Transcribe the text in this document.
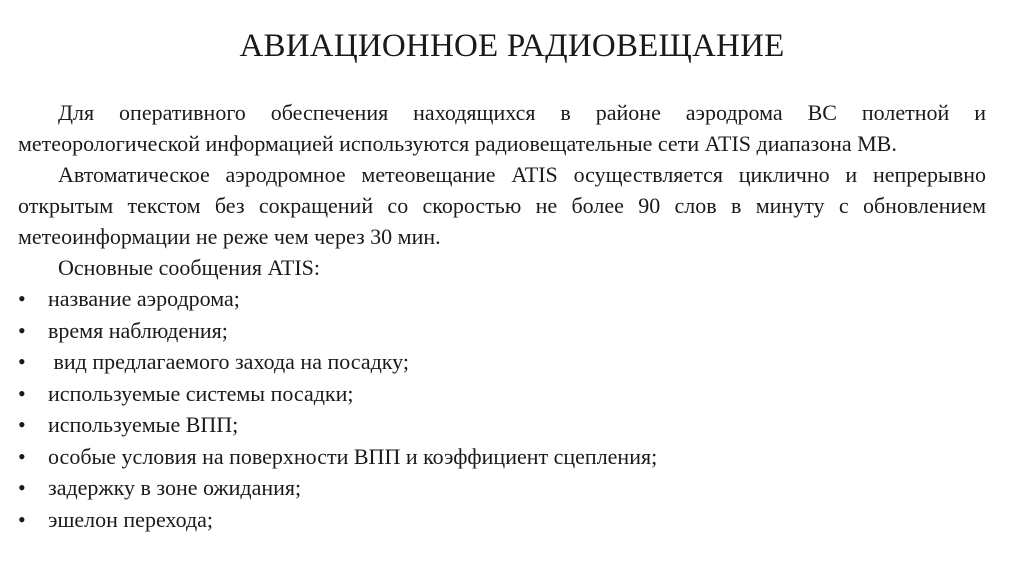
АВИАЦИОННОЕ РАДИОВЕЩАНИЕ

Для оперативного обеспечения находящихся в районе аэродрома ВС полетной и метеорологической информацией используются радиовещательные сети ATIS диапазона МВ.

Автоматическое аэродромное метеовещание ATIS осуществляется циклично и непрерывно открытым текстом без сокращений со скоростью не более 90 слов в минуту с обновлением метеоинформации не реже чем через 30 мин.

Основные сообщения ATIS:

• название аэродрома;
• время наблюдения;
• вид предлагаемого захода на посадку;
• используемые системы посадки;
• используемые ВПП;
• особые условия на поверхности ВПП и коэффициент сцепления;
• задержку в зоне ожидания;
• эшелон перехода;
